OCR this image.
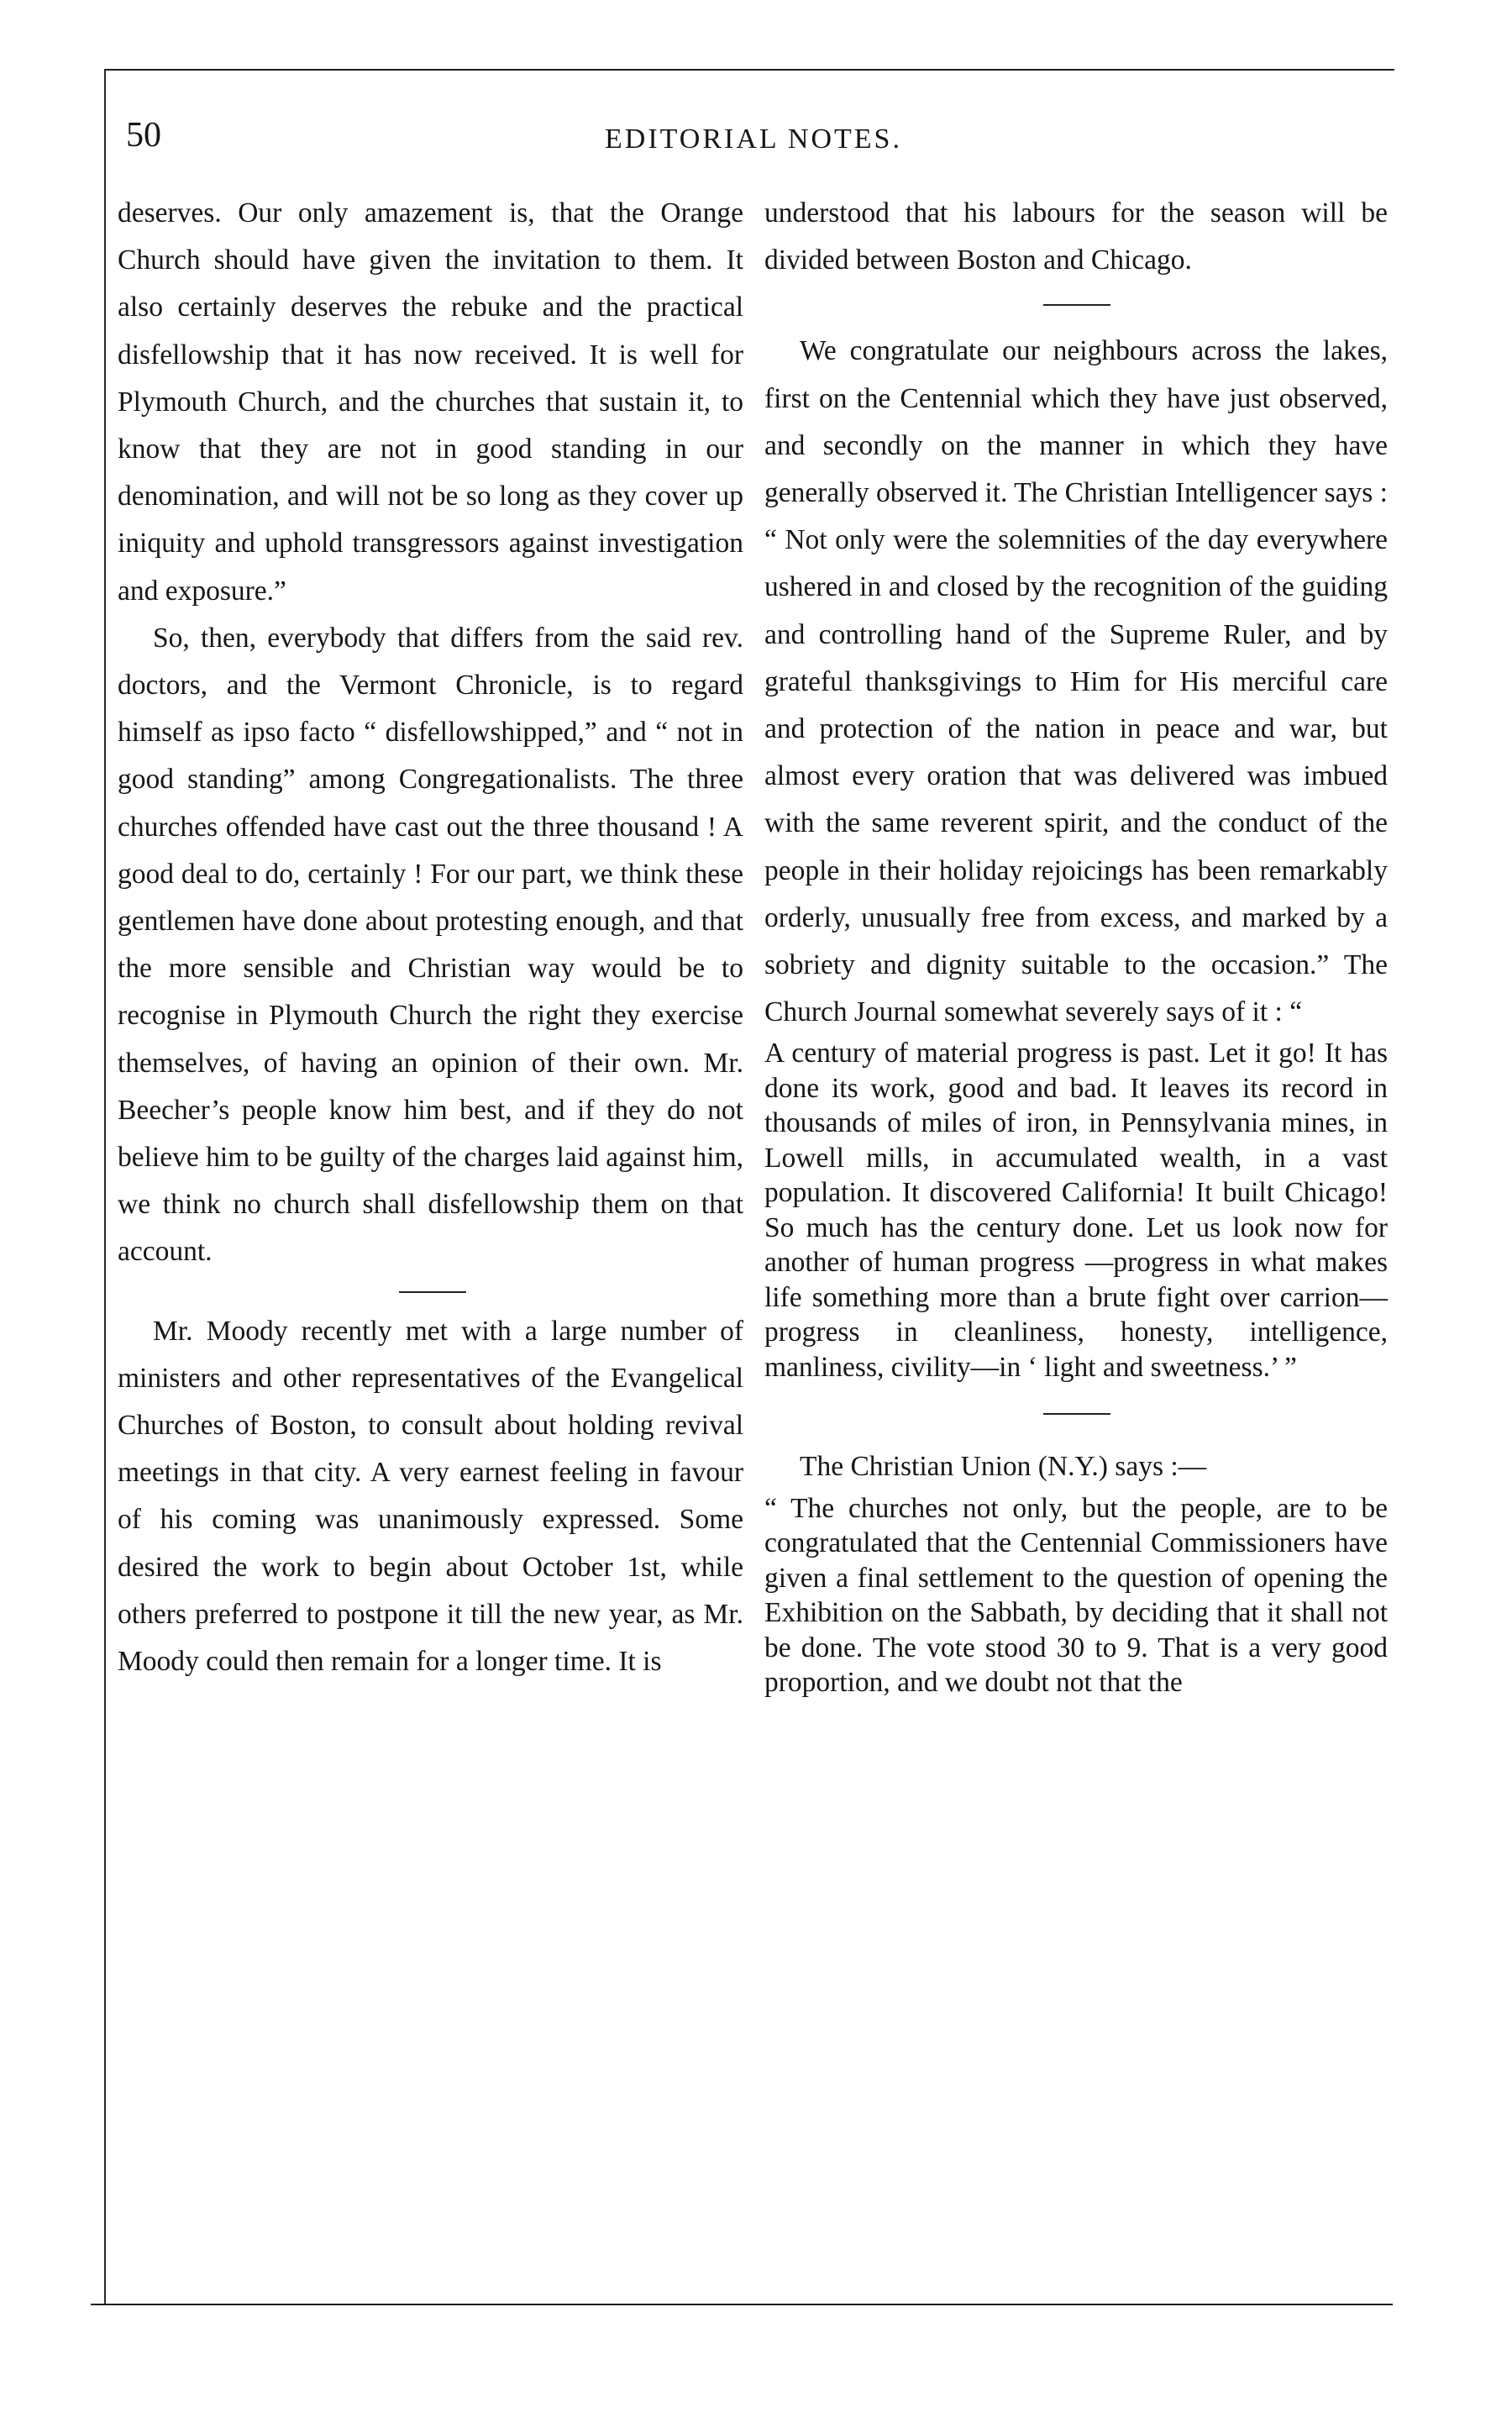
50	EDITORIAL NOTES.

deserves. Our only amazement is, that the Orange Church should have given the invitation to them. It also certainly deserves the rebuke and the practical disfellowship that it has now received. It is well for Plymouth Church, and the churches that sustain it, to know that they are not in good standing in our denomination, and will not be so long as they cover up iniquity and uphold transgressors against investigation and exposure.”

So, then, everybody that differs from the said rev. doctors, and the Vermont Chronicle, is to regard himself as ipso facto “ disfellowshipped,” and “ not in good standing” among Congregationalists. The three churches offended have cast out the three thousand ! A good deal to do, certainly ! For our part, we think these gentlemen have done about protesting enough, and that the more sensible and Christian way would be to recognise in Plymouth Church the right they exercise themselves, of having an opinion of their own. Mr. Beecher’s people know him best, and if they do not believe him to be guilty of the charges laid against him, we think no church shall disfellowship them on that account.

Mr. Moody recently met with a large number of ministers and other representatives of the Evangelical Churches of Boston, to consult about holding revival meetings in that city. A very earnest feeling in favour of his coming was unanimously expressed. Some desired the work to begin about October 1st, while others preferred to postpone it till the new year, as Mr. Moody could then remain for a longer time. It is

understood that his labours for the season will be divided between Boston and Chicago.

We congratulate our neighbours across the lakes, first on the Centennial which they have just observed, and secondly on the manner in which they have generally observed it. The Christian Intelligencer says : “ Not only were the solemnities of the day everywhere ushered in and closed by the recognition of the guiding and controlling hand of the Supreme Ruler, and by grateful thanksgivings to Him for His merciful care and protection of the nation in peace and war, but almost every oration that was delivered was imbued with the same reverent spirit, and the conduct of the people in their holiday rejoicings has been remarkably orderly, unusually free from excess, and marked by a sobriety and dignity suitable to the occasion.” The Church Journal somewhat severely says of it : “

A century of material progress is past. Let it go! It has done its work, good and bad. It leaves its record in thousands of miles of iron, in Pennsylvania mines, in Lowell mills, in accumulated wealth, in a vast population. It discovered California! It built Chicago! So much has the century done. Let us look now for another of human progress —progress in what makes life something more than a brute fight over carrion— progress in cleanliness, honesty, intelligence, manliness, civility—in ‘ light and sweetness.’ ”

The Christian Union (N.Y.) says :—

“ The churches not only, but the people, are to be congratulated that the Centennial Commissioners have given a final settlement to the question of opening the Exhibition on the Sabbath, by deciding that it shall not be done. The vote stood 30 to 9. That is a very good proportion, and we doubt not that the
